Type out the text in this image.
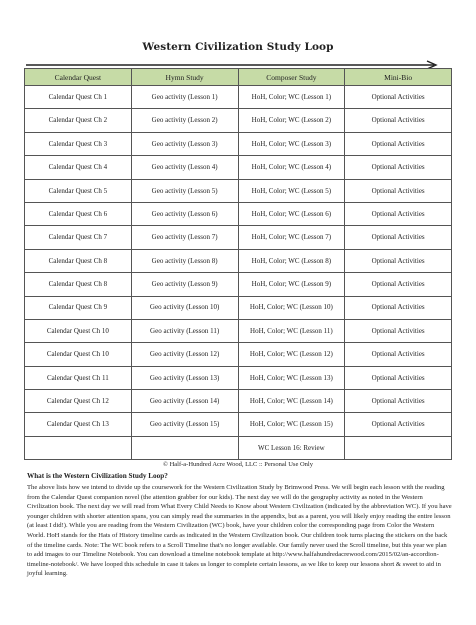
Western Civilization Study Loop
Calendar Quest	Hymn Study	Composer Study	Mini-Bio
Calendar Quest Ch 1	Geo activity (Lesson 1)	HoH, Color; WC (Lesson 1)	Optional Activities
Calendar Quest Ch 2	Geo activity (Lesson 2)	HoH, Color; WC (Lesson 2)	Optional Activities
Calendar Quest Ch 3	Geo activity (Lesson 3)	HoH, Color; WC (Lesson 3)	Optional Activities
Calendar Quest Ch 4	Geo activity (Lesson 4)	HoH, Color; WC (Lesson 4)	Optional Activities
Calendar Quest Ch 5	Geo activity (Lesson 5)	HoH, Color; WC (Lesson 5)	Optional Activities
Calendar Quest Ch 6	Geo activity (Lesson 6)	HoH, Color; WC (Lesson 6)	Optional Activities
Calendar Quest Ch 7	Geo activity (Lesson 7)	HoH, Color; WC (Lesson 7)	Optional Activities
Calendar Quest Ch 8	Geo activity (Lesson 8)	HoH, Color; WC (Lesson 8)	Optional Activities
Calendar Quest Ch 8	Geo activity (Lesson 9)	HoH, Color; WC (Lesson 9)	Optional Activities
Calendar Quest Ch 9	Geo activity (Lesson 10)	HoH, Color; WC (Lesson 10)	Optional Activities
Calendar Quest Ch 10	Geo activity (Lesson 11)	HoH, Color; WC (Lesson 11)	Optional Activities
Calendar Quest Ch 10	Geo activity (Lesson 12)	HoH, Color; WC (Lesson 12)	Optional Activities
Calendar Quest Ch 11	Geo activity (Lesson 13)	HoH, Color; WC (Lesson 13)	Optional Activities
Calendar Quest Ch 12	Geo activity (Lesson 14)	HoH, Color; WC (Lesson 14)	Optional Activities
Calendar Quest Ch 13	Geo activity (Lesson 15)	HoH, Color; WC (Lesson 15)	Optional Activities
		WC Lesson 16: Review	
© Half-a-Hundred Acre Wood, LLC :: Personal Use Only
What is the Western Civilization Study Loop?
The above lists how we intend to divide up the coursework for the Western Civilization Study by Brimwood Press. We will begin each lesson with the reading from the Calendar Quest companion novel (the attention grabber for our kids). The next day we will do the geography activity as noted in the Western Civilization book. The next day we will read from What Every Child Needs to Know about Western Civilization (indicated by the abbreviation WC). If you have younger children with shorter attention spans, you can simply read the summaries in the appendix, but as a parent, you will likely enjoy reading the entire lesson (at least I did!). While you are reading from the Western Civilization (WC) book, have your children color the corresponding page from Color the Western World. HoH stands for the Hats of History timeline cards as indicated in the Western Civilization book. Our children took turns placing the stickers on the back of the timeline cards. Note: The WC book refers to a Scroll Timeline that's no longer available. Our family never used the Scroll timeline, but this year we plan to add images to our Timeline Notebook. You can download a timeline notebook template at http://www.halfahundredacrewood.com/2015/02/an-accordion-timeline-notebook/. We have looped this schedule in case it takes us longer to complete certain lessons, as we like to keep our lessons short & sweet to aid in joyful learning.
